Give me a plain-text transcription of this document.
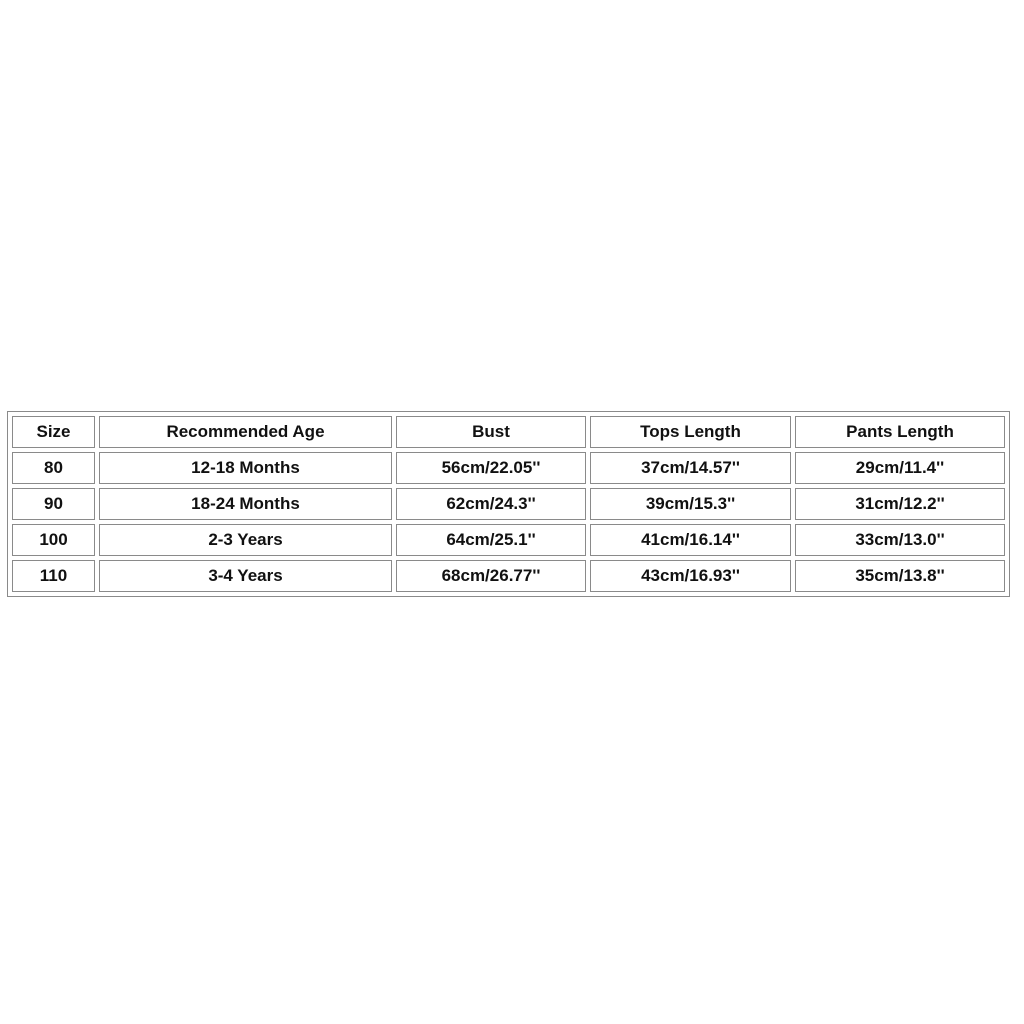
Size	Recommended Age	Bust	Tops Length	Pants Length
80	12-18 Months	56cm/22.05''	37cm/14.57''	29cm/11.4''
90	18-24 Months	62cm/24.3''	39cm/15.3''	31cm/12.2''
100	2-3 Years	64cm/25.1''	41cm/16.14''	33cm/13.0''
110	3-4 Years	68cm/26.77''	43cm/16.93''	35cm/13.8''
